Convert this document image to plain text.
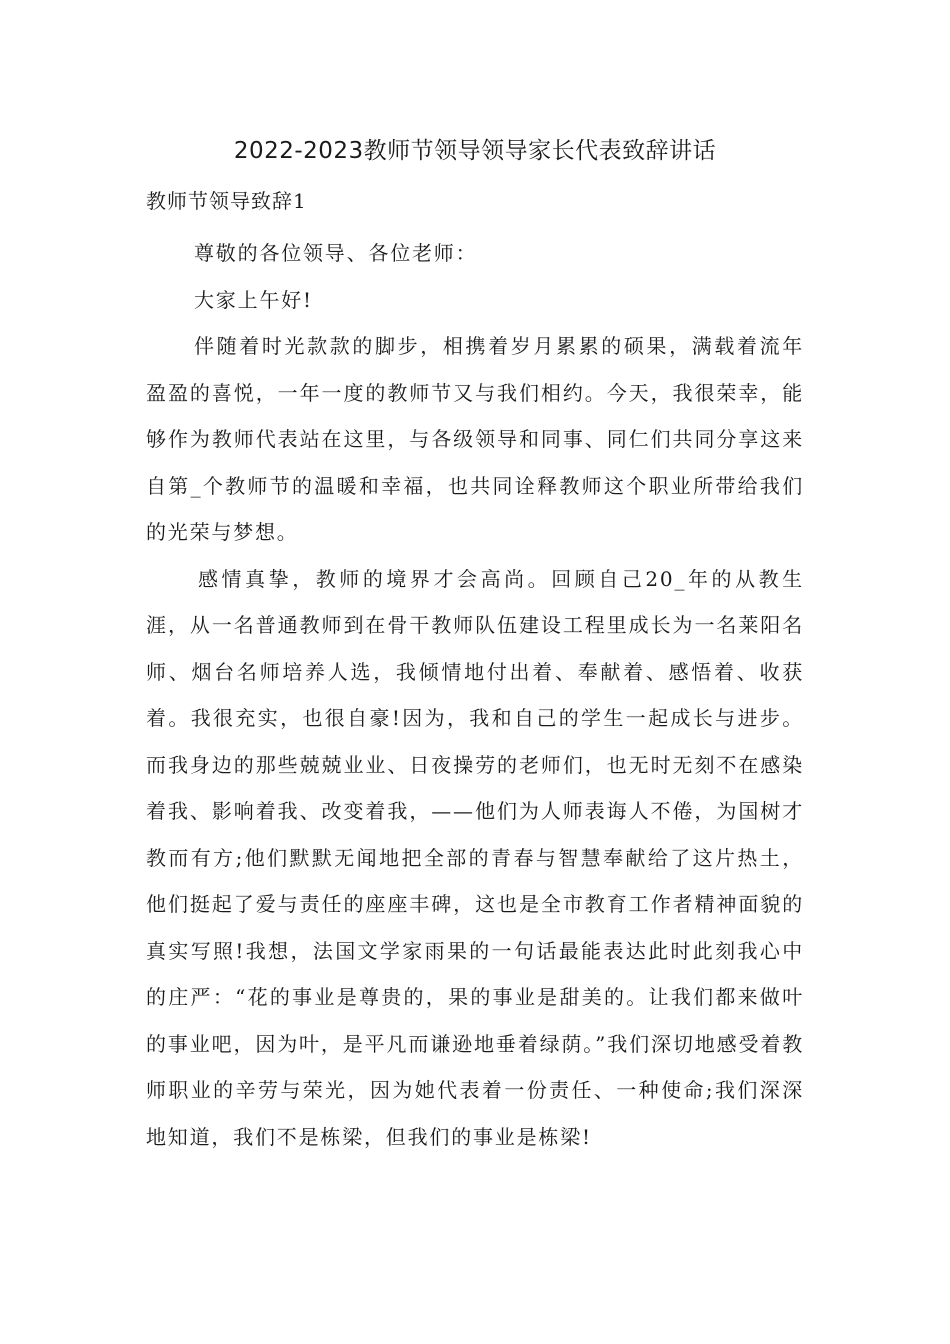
2022-2023教师节领导领导家长代表致辞讲话
教师节领导致辞1

尊敬的各位领导、各位老师：

大家上午好!

伴随着时光款款的脚步，相携着岁月累累的硕果，满载着流年盈盈的喜悦，一年一度的教师节又与我们相约。今天，我很荣幸，能够作为教师代表站在这里，与各级领导和同事、同仁们共同分享这来自第_个教师节的温暖和幸福，也共同诠释教师这个职业所带给我们的光荣与梦想。

感情真挚，教师的境界才会高尚。回顾自己20_年的从教生涯，从一名普通教师到在骨干教师队伍建设工程里成长为一名莱阳名师、烟台名师培养人选，我倾情地付出着、奉献着、感悟着、收获着。我很充实，也很自豪!因为，我和自己的学生一起成长与进步。而我身边的那些兢兢业业、日夜操劳的老师们，也无时无刻不在感染着我、影响着我、改变着我，——他们为人师表诲人不倦，为国树才教而有方;他们默默无闻地把全部的青春与智慧奉献给了这片热土，他们挺起了爱与责任的座座丰碑，这也是全市教育工作者精神面貌的真实写照!我想，法国文学家雨果的一句话最能表达此时此刻我心中的庄严：“花的事业是尊贵的，果的事业是甜美的。让我们都来做叶的事业吧，因为叶，是平凡而谦逊地垂着绿荫。”我们深切地感受着教师职业的辛劳与荣光，因为她代表着一份责任、一种使命;我们深深地知道，我们不是栋梁，但我们的事业是栋梁!
